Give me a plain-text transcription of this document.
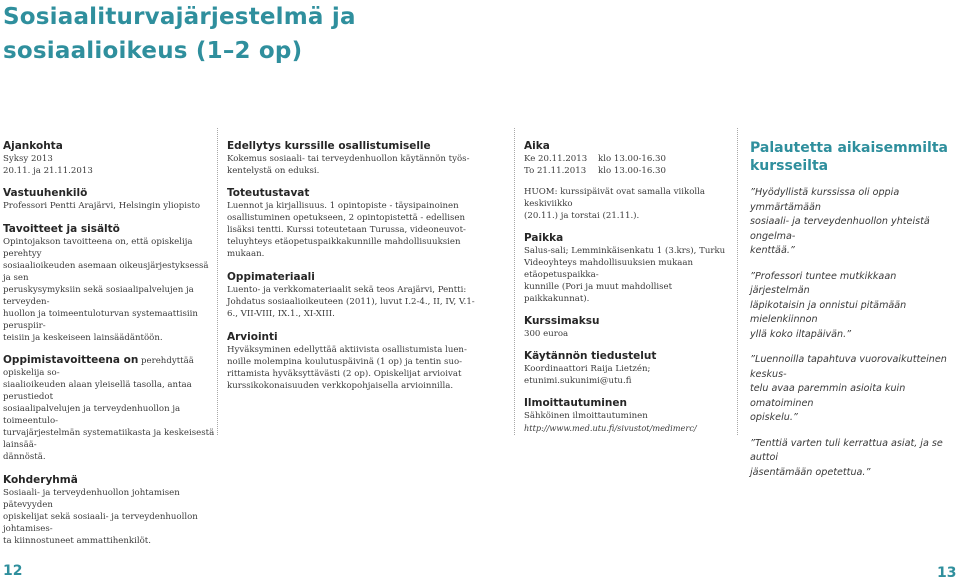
Sosiaaliturvajärjestelmä ja
sosiaalioikeus (1–2 op)

Ajankohta

Syksy 2013
20.11. ja 21.11.2013

Vastuuhenkilö

Professori Pentti Arajärvi, Helsingin yliopisto

Tavoitteet ja sisältö

Opintojakson tavoitteena on, että opiskelija perehtyy
sosiaalioikeuden asemaan oikeusjärjestyksessä ja sen
peruskysymyksiin sekä sosiaalipalvelujen ja terveyden-
huollon ja toimeentuloturvan systemaattisiin peruspiir-
teisiin ja keskeiseen lainsäädäntöön.

Oppimistavoitteena on perehdyttää opiskelija so-
siaalioikeuden alaan yleisellä tasolla, antaa perustiedot
sosiaalipalvelujen ja terveydenhuollon ja toimeentulo-
turvajärjestelmän systematiikasta ja keskeisestä lainsää-
dännöstä.

Kohderyhmä

Sosiaali- ja terveydenhuollon johtamisen pätevyyden
opiskelijat sekä sosiaali- ja terveydenhuollon johtamises-
ta kiinnostuneet ammattihenkilöt.

Edellytys kurssille osallistumiselle

Kokemus sosiaali- tai terveydenhuollon käytännön työs-
kentelystä on eduksi.

Toteutustavat

Luennot ja kirjallisuus. 1 opintopiste - täysipainoinen
osallistuminen opetukseen, 2 opintopistettä - edellisen
lisäksi tentti. Kurssi toteutetaan Turussa, videoneuvot-
teluyhteys etäopetuspaikkakunnille mahdollisuuksien
mukaan.

Oppimateriaali

Luento- ja verkkomateriaalit sekä teos Arajärvi, Pentti:
Johdatus sosiaalioikeuteen (2011), luvut I.2-4., II, IV, V.1-
6., VII-VIII, IX.1., XI-XIII.

Arviointi

Hyväksyminen edellyttää aktiivista osallistumista luen-
noille molempina koulutuspäivinä (1 op) ja tentin suo-
rittamista hyväksyttävästi (2 op). Opiskelijat arvioivat
kurssikokonaisuuden verkkopohjaisella arvioinnilla.

Aika

Ke 20.11.2013	klo 13.00-16.30
To 21.11.2013	klo 13.00-16.30

HUOM: kurssipäivät ovat samalla viikolla keskiviikko
(20.11.) ja torstai (21.11.).

Paikka

Salus-sali; Lemminkäisenkatu 1 (3.krs), Turku
Videoyhteys mahdollisuuksien mukaan etäopetuspaikka-
kunnille (Pori ja muut mahdolliset paikkakunnat).

Kurssimaksu

300 euroa

Käytännön tiedustelut

Koordinaattori Raija Lietzén; etunimi.sukunimi@utu.fi

Ilmoittautuminen

Sähköinen ilmoittautuminen

http://www.med.utu.fi/sivustot/medimerc/
Palautetta aikaisemmilta
kursseilta

”Hyödyllistä kurssissa oli oppia ymmärtämään
sosiaali- ja terveydenhuollon yhteistä ongelma-
kenttää.”

”Professori tuntee mutkikkaan järjestelmän
läpikotaisin ja onnistui pitämään mielenkiinnon
yllä koko iltapäivän.”

”Luennoilla tapahtuva vuorovaikutteinen keskus-
telu avaa paremmin asioita kuin omatoiminen
opiskelu.”

”Tenttiä varten tuli kerrattua asiat, ja se auttoi
jäsentämään opetettua.”

12	13
